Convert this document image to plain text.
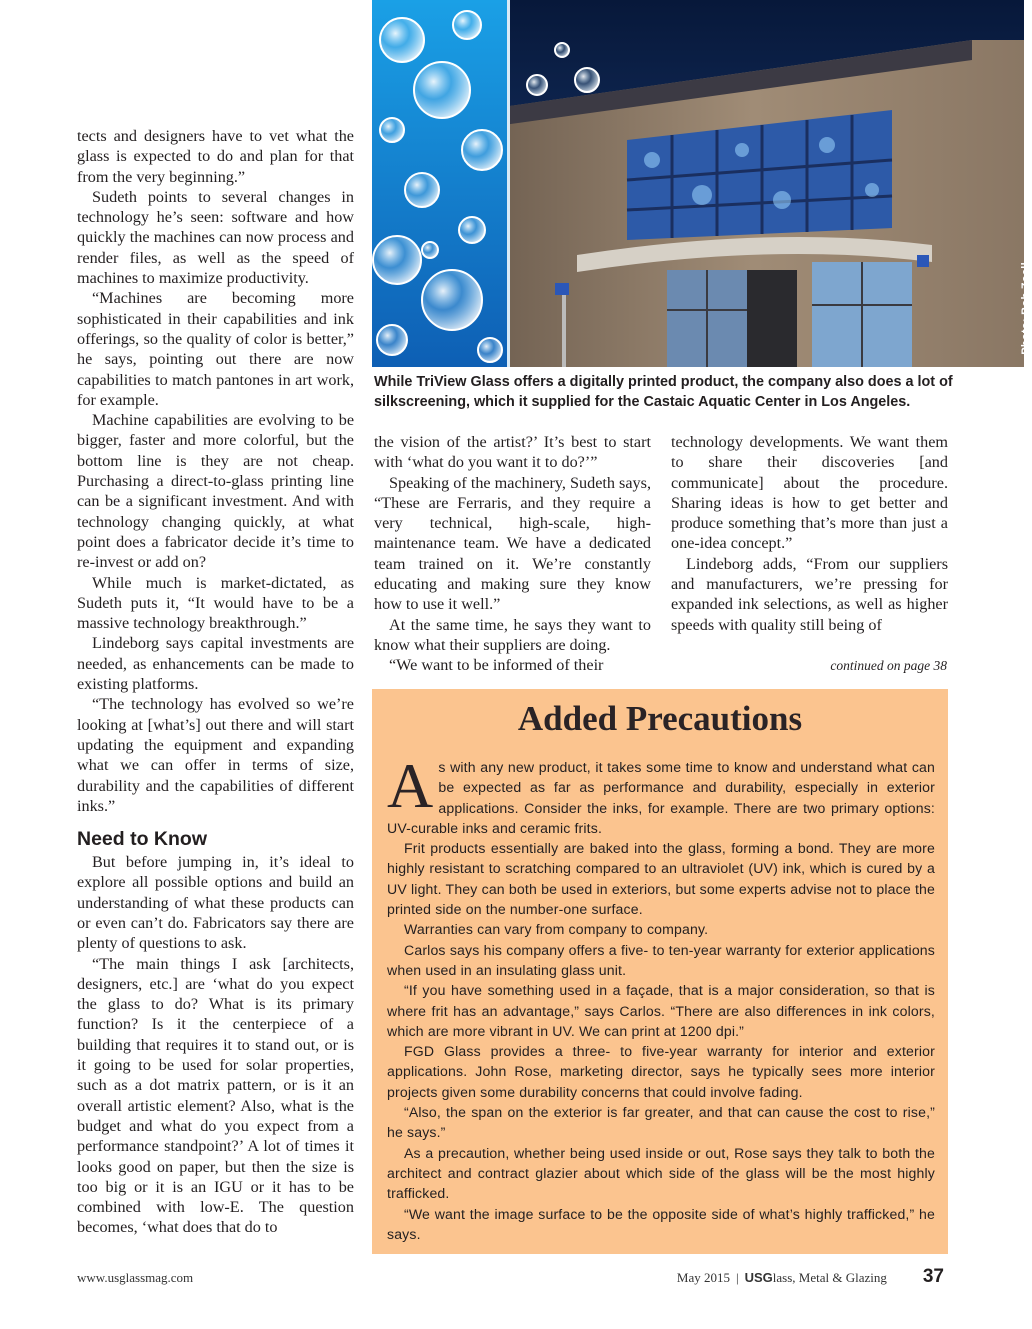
Photo: Bob Zoell
While TriView Glass offers a digitally printed product, the company also does a lot of silkscreening, which it supplied for the Castaic Aquatic Center in Los Angeles.

tects and designers have to vet what the glass is expected to do and plan for that from the very beginning.”

Sudeth points to several changes in technology he’s seen: software and how quickly the machines can now process and render files, as well as the speed of machines to maximize productivity.

“Machines are becoming more sophisticated in their capabilities and ink offerings, so the quality of color is better,” he says, pointing out there are now capabilities to match pantones in art work, for example.

Machine capabilities are evolving to be bigger, faster and more colorful, but the bottom line is they are not cheap. Purchasing a direct-to-glass printing line can be a significant investment. And with technology changing quickly, at what point does a fabricator decide it’s time to re-invest or add on?

While much is market-dictated, as Sudeth puts it, “It would have to be a massive technology breakthrough.”

Lindeborg says capital investments are needed, as enhancements can be made to existing platforms.

“The technology has evolved so we’re looking at [what’s] out there and will start updating the equipment and expanding what we can offer in terms of size, durability and the capabilities of different inks.”

Need to Know

But before jumping in, it’s ideal to explore all possible options and build an understanding of what these products can or even can’t do. Fabricators say there are plenty of questions to ask.

“The main things I ask [architects, designers, etc.] are ‘what do you expect the glass to do? What is its primary function? Is it the centerpiece of a building that requires it to stand out, or is it going to be used for solar properties, such as a dot matrix pattern, or is it an overall artistic element? Also, what is the budget and what do you expect from a performance standpoint?’ A lot of times it looks good on paper, but then the size is too big or it is an IGU or it has to be combined with low-E. The question becomes, ‘what does that do to

the vision of the artist?’ It’s best to start with ‘what do you want it to do?’”

Speaking of the machinery, Sudeth says, “These are Ferraris, and they require a very technical, high-scale, high-maintenance team. We have a dedicated team trained on it. We’re constantly educating and making sure they know how to use it well.”

At the same time, he says they want to know what their suppliers are doing.

“We want to be informed of their

technology developments. We want them to share their discoveries [and communicate] about the procedure. Sharing ideas is how to get better and produce something that’s more than just a one-idea concept.”

Lindeborg adds, “From our suppliers and manufacturers, we’re pressing for expanded ink selections, as well as higher speeds with quality still being of

continued on page 38
Added Precautions

As with any new product, it takes some time to know and understand what can be expected as far as performance and durability, especially in exterior applications. Consider the inks, for example. There are two primary options: UV-curable inks and ceramic frits.

Frit products essentially are baked into the glass, forming a bond. They are more highly resistant to scratching compared to an ultraviolet (UV) ink, which is cured by a UV light. They can both be used in exteriors, but some experts advise not to place the printed side on the number-one surface.

Warranties can vary from company to company.

Carlos says his company offers a five- to ten-year warranty for exterior applications when used in an insulating glass unit.

“If you have something used in a façade, that is a major consideration, so that is where frit has an advantage,” says Carlos. “There are also differences in ink colors, which are more vibrant in UV. We can print at 1200 dpi.”

FGD Glass provides a three- to five-year warranty for interior and exterior applications. John Rose, marketing director, says he typically sees more interior projects given some durability concerns that could involve fading.

“Also, the span on the exterior is far greater, and that can cause the cost to rise,” he says.”

As a precaution, whether being used inside or out, Rose says they talk to both the architect and contract glazier about which side of the glass will be the most highly trafficked.

“We want the image surface to be the opposite side of what’s highly trafficked,” he says.

www.usglassmag.com	May 2015 | USGlass, Metal & Glazing 37
